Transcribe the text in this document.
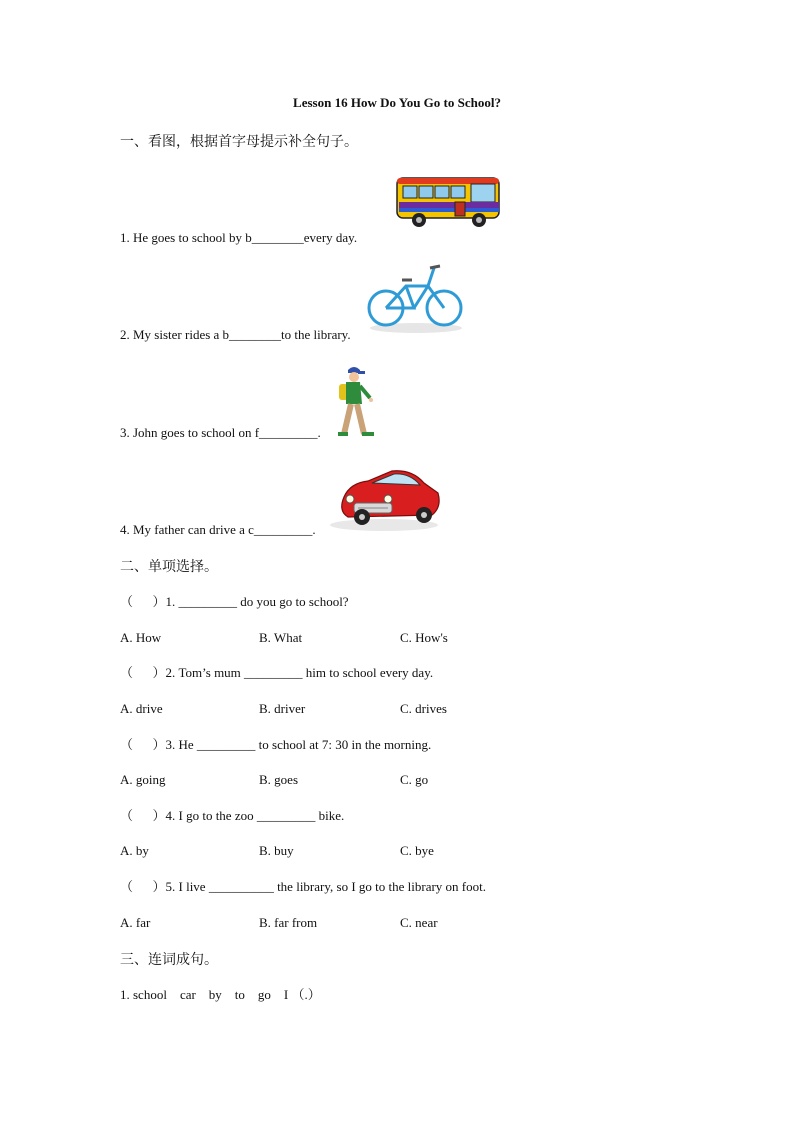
Lesson 16 How Do You Go to School?
一、看图，根据首字母提示补全句子。
1. He goes to school by b________every day.
2. My sister rides a b________to the library.
3. John goes to school on f_________.
4. My father can drive a c_________.
二、单项选择。
（      ）1. _________ do you go to school?
A. How	B. What	C. How's
（      ）2. Tom’s mum _________ him to school every day.
A. drive	B. driver	C. drives
（      ）3. He _________ to school at 7: 30 in the morning.
A. going	B. goes	C. go
（      ）4. I go to the zoo _________ bike.
A. by	B. buy	C. bye
（      ）5. I live __________ the library, so I go to the library on foot.
A. far	B. far from	C. near
三、连词成句。
1. school    car    by    to    go    I （.）
